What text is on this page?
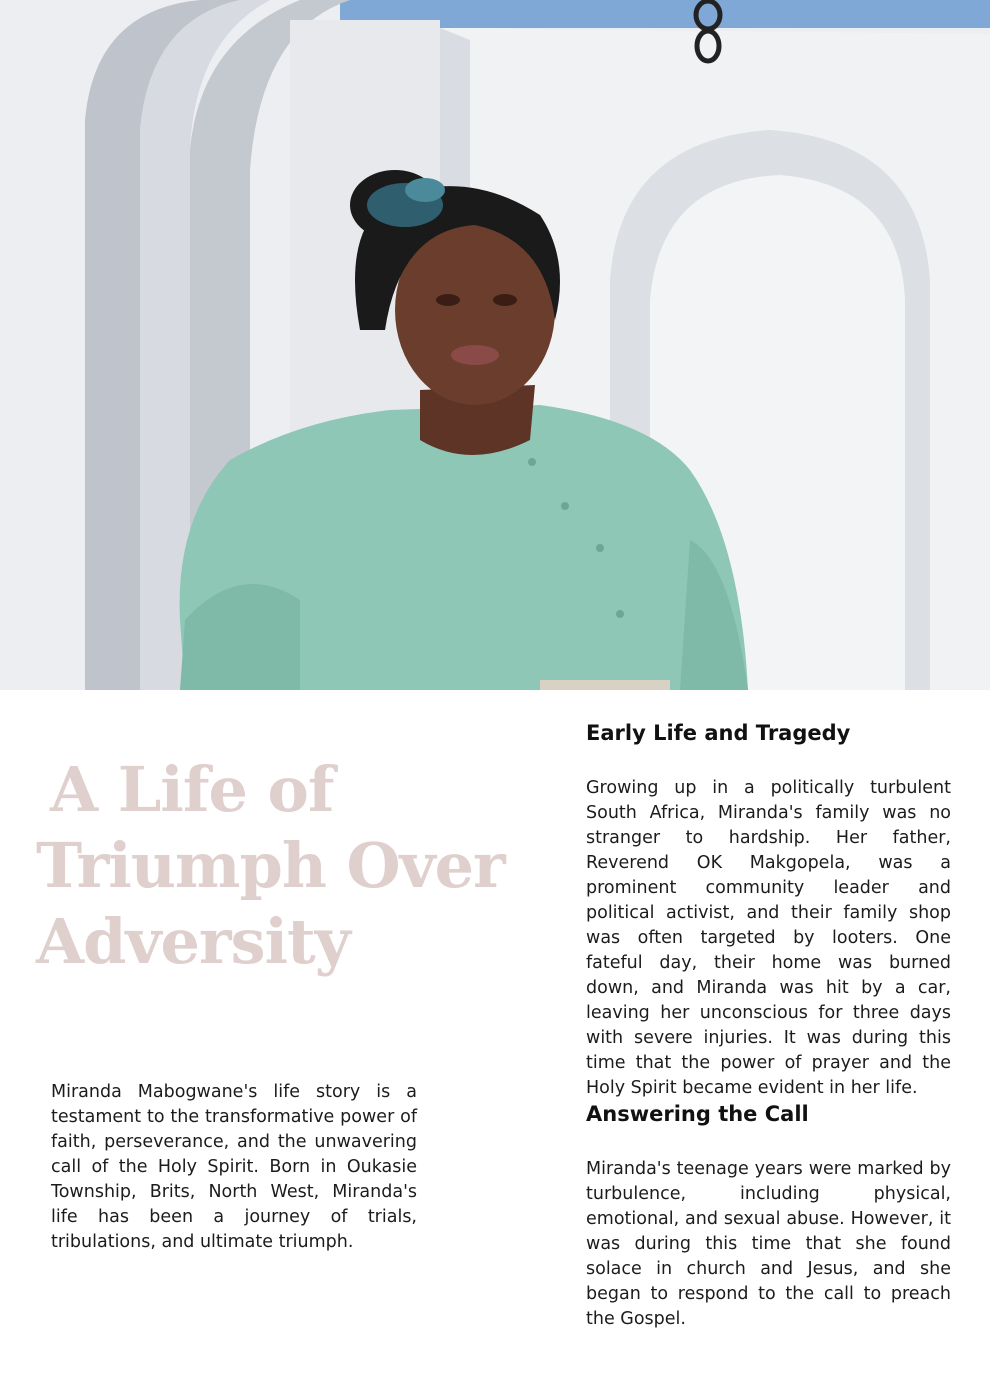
A Life of
Triumph Over
Adversity

Miranda Mabogwane's life story is a testament to the transformative power of faith, perseverance, and the unwavering call of the Holy Spirit. Born in Oukasie Township, Brits, North West, Miranda's life has been a journey of trials, tribulations, and ultimate triumph.

Early Life and Tragedy

Growing up in a politically turbulent South Africa, Miranda's family was no stranger to hardship. Her father, Reverend OK Makgopela, was a prominent community leader and political activist, and their family shop was often targeted by looters. One fateful day, their home was burned down, and Miranda was hit by a car, leaving her unconscious for three days with severe injuries. It was during this time that the power of prayer and the Holy Spirit became evident in her life.

Answering the Call

Miranda's teenage years were marked by turbulence, including physical, emotional, and sexual abuse. However, it was during this time that she found solace in church and Jesus, and she began to respond to the call to preach the Gospel.
